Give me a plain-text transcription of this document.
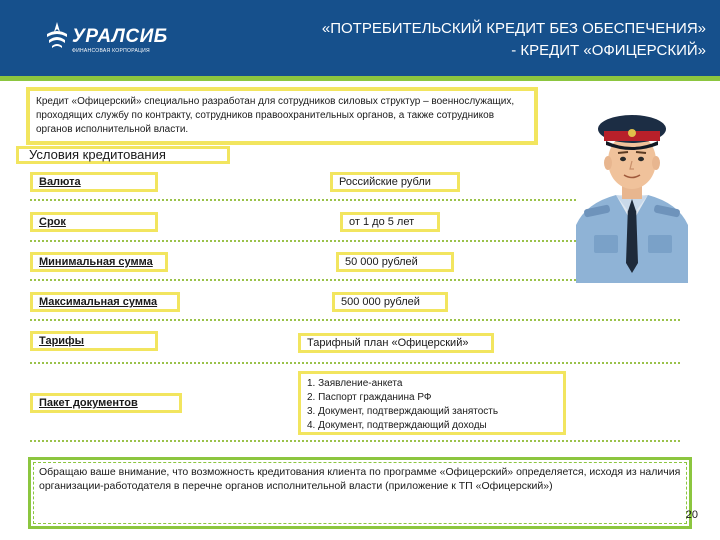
УРАЛСИБ
ФИНАНСОВАЯ КОРПОРАЦИЯ
«ПОТРЕБИТЕЛЬСКИЙ КРЕДИТ БЕЗ ОБЕСПЕЧЕНИЯ»
- КРЕДИТ «ОФИЦЕРСКИЙ»
Кредит «Офицерский» специально разработан для сотрудников силовых структур – военнослужащих, проходящих службу по контракту, сотрудников правоохранительных органов, а также сотрудников органов исполнительной власти.
Условия кредитования
Валюта	Российские рубли
Срок	от 1 до 5 лет
Минимальная сумма	50 000 рублей
Максимальная сумма	500 000 рублей
Тарифы	Тарифный план «Офицерский»
Пакет документов
1. Заявление-анкета
2. Паспорт гражданина РФ
3. Документ, подтверждающий занятость
4. Документ, подтверждающий доходы
Обращаю ваше внимание, что возможность кредитования клиента по программе «Офицерский» определяется, исходя из наличия организации-работодателя в перечне органов исполнительной власти (приложение к ТП «Офицерский»)
20
